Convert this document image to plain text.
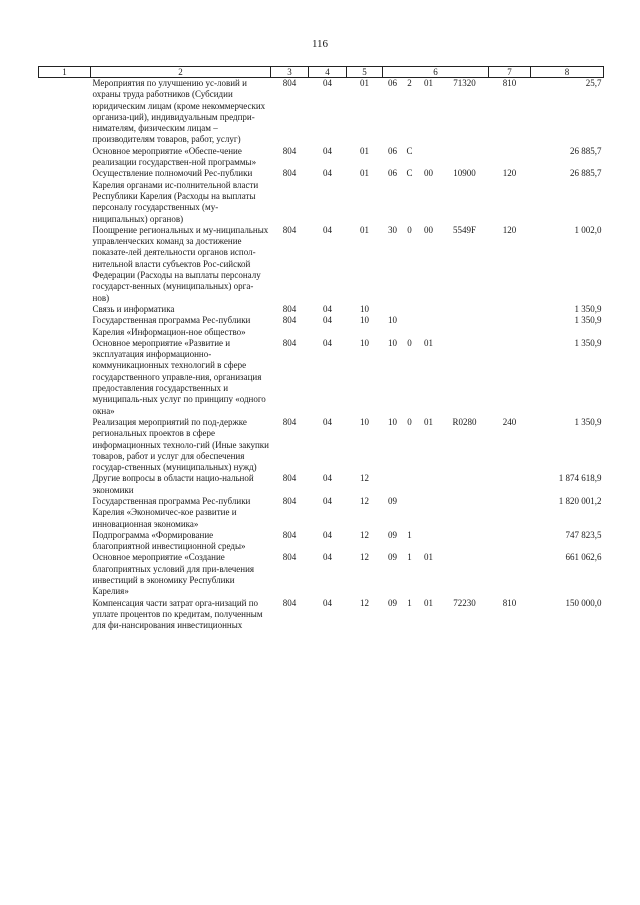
116
1	2	3	4	5	6				7	8
	Мероприятия по улучшению ус-ловий и охраны труда работников (Субсидии юридическим лицам (кроме некоммерческих организа-ций), индивидуальным предпри-нимателям, физическим лицам – производителям товаров, работ, услуг)	804	04	01	06	2	01	71320	810	25,7
	Основное мероприятие «Обеспе-чение реализации государствен-ной программы»	804	04	01	06	С				26 885,7
	Осуществление полномочий Рес-публики Карелия органами ис-полнительной власти Республики Карелия (Расходы на выплаты персоналу государственных (му-ниципальных) органов)	804	04	01	06	С	00	10900	120	26 885,7
	Поощрение региональных и му-ниципальных управленческих команд за достижение показате-лей деятельности органов испол-нительной власти субъектов Рос-сийской Федерации (Расходы на выплаты персоналу государст-венных (муниципальных) орга-нов)	804	04	01	30	0	00	5549F	120	1 002,0
	Связь и информатика	804	04	10						1 350,9
	Государственная программа Рес-публики Карелия «Информацион-ное общество»	804	04	10	10					1 350,9
	Основное мероприятие «Развитие и эксплуатация информационно-коммуникационных технологий в сфере государственного управле-ния, организация предоставления государственных и муниципаль-ных услуг по принципу «одного окна»	804	04	10	10	0	01			1 350,9
	Реализация мероприятий по под-держке региональных проектов в сфере информационных техноло-гий (Иные закупки товаров, работ и услуг для обеспечения государ-ственных (муниципальных) нужд)	804	04	10	10	0	01	R0280	240	1 350,9
	Другие вопросы в области нацио-нальной экономики	804	04	12						1 874 618,9
	Государственная программа Рес-публики Карелия «Экономичес-кое развитие и инновационная экономика»	804	04	12	09					1 820 001,2
	Подпрограмма «Формирование благоприятной инвестиционной среды»	804	04	12	09	1				747 823,5
	Основное мероприятие «Создание благоприятных условий для при-влечения инвестиций в экономику Республики Карелия»	804	04	12	09	1	01			661 062,6
	Компенсация части затрат орга-низаций по уплате процентов по кредитам, полученным для фи-нансирования инвестиционных	804	04	12	09	1	01	72230	810	150 000,0
